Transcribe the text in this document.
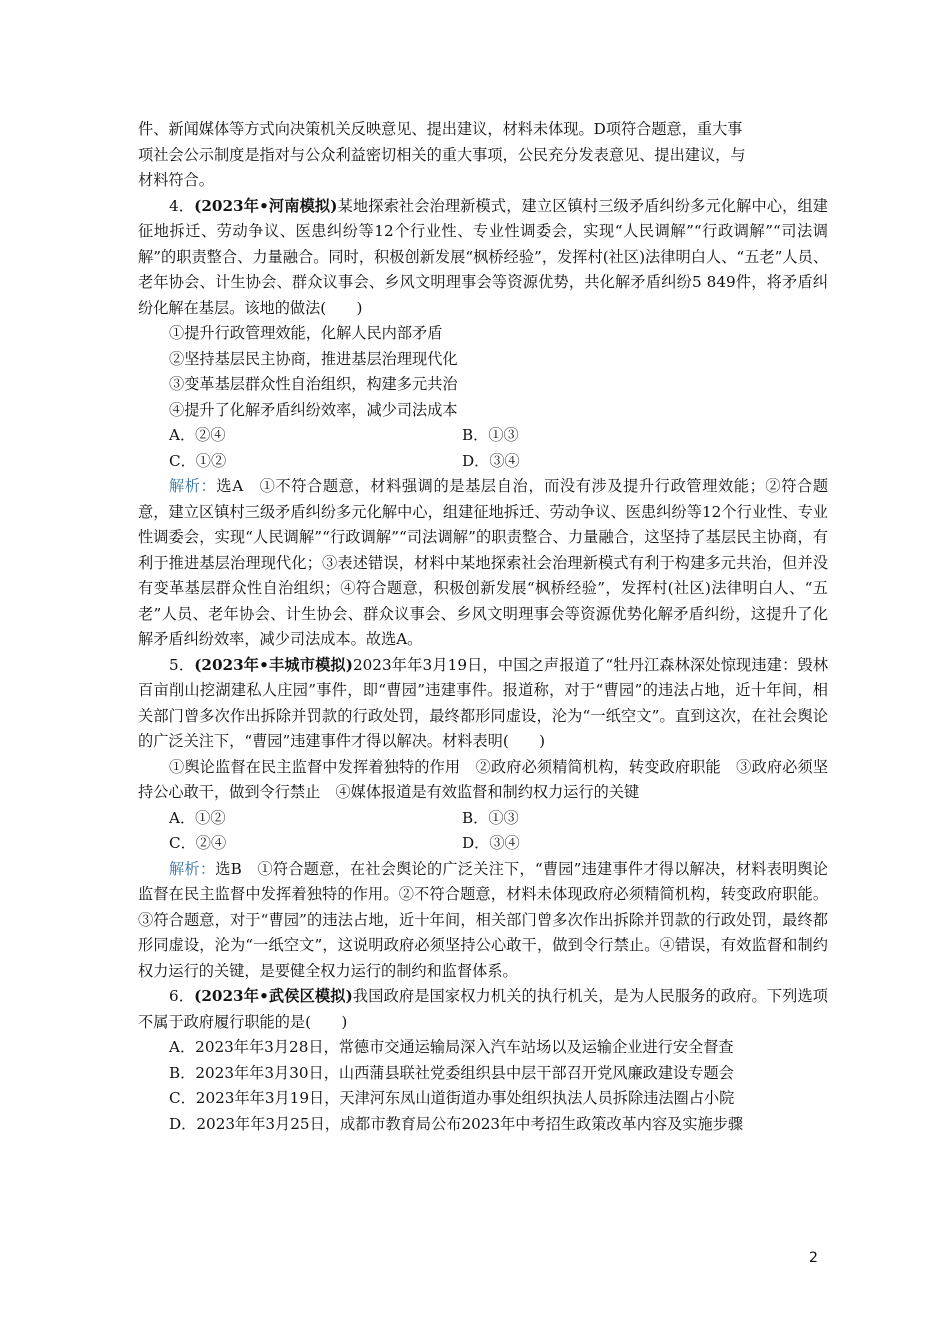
件、新闻媒体等方式向决策机关反映意见、提出建议，材料未体现。D项符合题意，重大事

项社会公示制度是指对与公众利益密切相关的重大事项，公民充分发表意见、提出建议，与

材料符合。

4．(2023年•河南模拟)某地探索社会治理新模式，建立区镇村三级矛盾纠纷多元化解中心，组建征地拆迁、劳动争议、医患纠纷等12个行业性、专业性调委会，实现“人民调解”“行政调解”“司法调解”的职责整合、力量融合。同时，积极创新发展“枫桥经验”，发挥村(社区)法律明白人、“五老”人员、老年协会、计生协会、群众议事会、乡风文明理事会等资源优势，共化解矛盾纠纷5 849件，将矛盾纠纷化解在基层。该地的做法(　　)

①提升行政管理效能，化解人民内部矛盾

②坚持基层民主协商，推进基层治理现代化

③变革基层群众性自治组织，构建多元共治

④提升了化解矛盾纠纷效率，减少司法成本

A．②④	B．①③
C．①②	D．③④

解析：选A　①不符合题意，材料强调的是基层自治，而没有涉及提升行政管理效能；②符合题意，建立区镇村三级矛盾纠纷多元化解中心，组建征地拆迁、劳动争议、医患纠纷等12个行业性、专业性调委会，实现“人民调解”“行政调解”“司法调解”的职责整合、力量融合，这坚持了基层民主协商，有利于推进基层治理现代化；③表述错误，材料中某地探索社会治理新模式有利于构建多元共治，但并没有变革基层群众性自治组织；④符合题意，积极创新发展“枫桥经验”，发挥村(社区)法律明白人、“五老”人员、老年协会、计生协会、群众议事会、乡风文明理事会等资源优势化解矛盾纠纷，这提升了化解矛盾纠纷效率，减少司法成本。故选A。

5．(2023年•丰城市模拟)2023年年3月19日，中国之声报道了“牡丹江森林深处惊现违建：毁林百亩削山挖湖建私人庄园”事件，即“曹园”违建事件。报道称，对于“曹园”的违法占地，近十年间，相关部门曾多次作出拆除并罚款的行政处罚，最终都形同虚设，沦为“一纸空文”。直到这次，在社会舆论的广泛关注下，“曹园”违建事件才得以解决。材料表明(　　)

①舆论监督在民主监督中发挥着独特的作用　②政府必须精简机构，转变政府职能　③政府必须坚持公心敢干，做到令行禁止　④媒体报道是有效监督和制约权力运行的关键

A．①②	B．①③
C．②④	D．③④

解析：选B　①符合题意，在社会舆论的广泛关注下，“曹园”违建事件才得以解决，材料表明舆论监督在民主监督中发挥着独特的作用。②不符合题意，材料未体现政府必须精简机构，转变政府职能。③符合题意，对于“曹园”的违法占地，近十年间，相关部门曾多次作出拆除并罚款的行政处罚，最终都形同虚设，沦为“一纸空文”，这说明政府必须坚持公心敢干，做到令行禁止。④错误，有效监督和制约权力运行的关键，是要健全权力运行的制约和监督体系。

6．(2023年•武侯区模拟)我国政府是国家权力机关的执行机关，是为人民服务的政府。下列选项不属于政府履行职能的是(　　)

A．2023年年3月28日，常德市交通运输局深入汽车站场以及运输企业进行安全督查

B．2023年年3月30日，山西蒲县联社党委组织县中层干部召开党风廉政建设专题会

C．2023年年3月19日，天津河东凤山道街道办事处组织执法人员拆除违法圈占小院

D．2023年年3月25日，成都市教育局公布2023年中考招生政策改革内容及实施步骤

2
